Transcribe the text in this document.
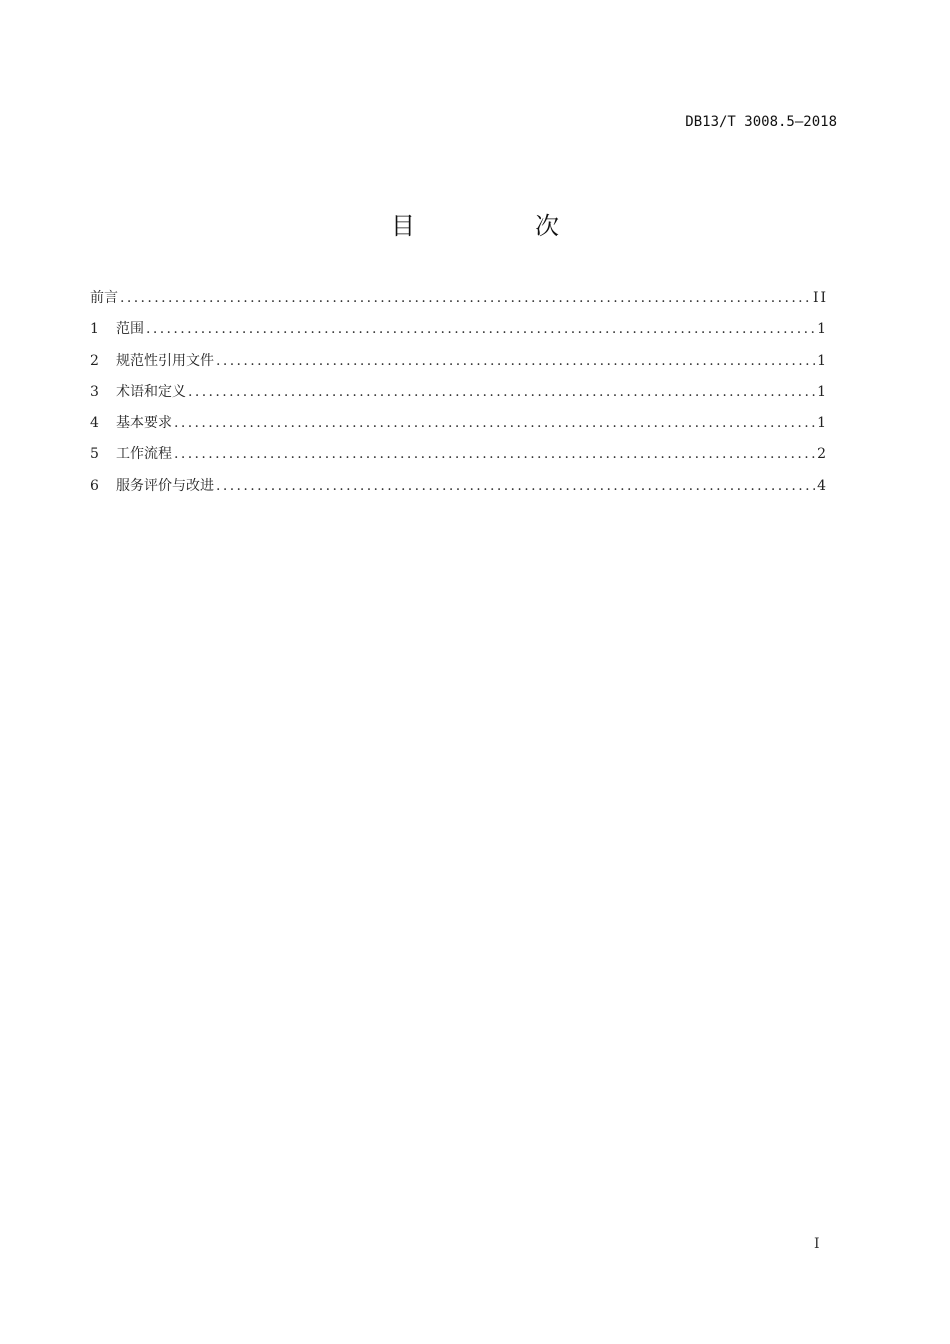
DB13/T 3008.5—2018
目　次
前言 .....	II
1	范围 .....	1
2	规范性引用文件 .....	1
3	术语和定义 .....	1
4	基本要求 .....	1
5	工作流程 .....	2
6	服务评价与改进 .....	4
I
